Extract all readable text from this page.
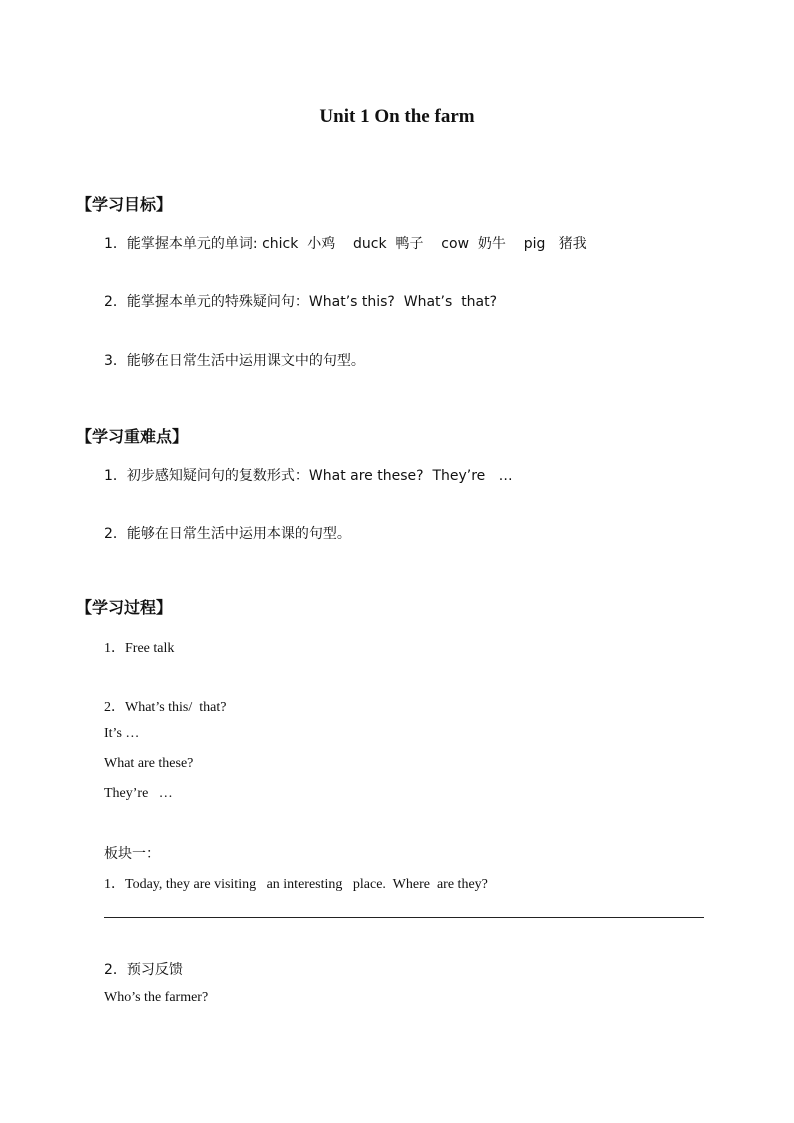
Unit 1 On the farm
【学习目标】
1．能掌握本单元的单词: chick  小鸡    duck  鸭子    cow  奶牛    pig   猪我
2．能掌握本单元的特殊疑问句：What’s this?  What’s  that?
3．能够在日常生活中运用课文中的句型。
【学习重难点】
1．初步感知疑问句的复数形式：What are these?  They’re   …
2．能够在日常生活中运用本课的句型。
【学习过程】
1．Free talk
2．What’s this/  that?
It’s …
What are these?
They’re   …
板块一：
1．Today, they are visiting   an interesting   place.  Where  are they?
2．预习反馈
Who’s the farmer?
